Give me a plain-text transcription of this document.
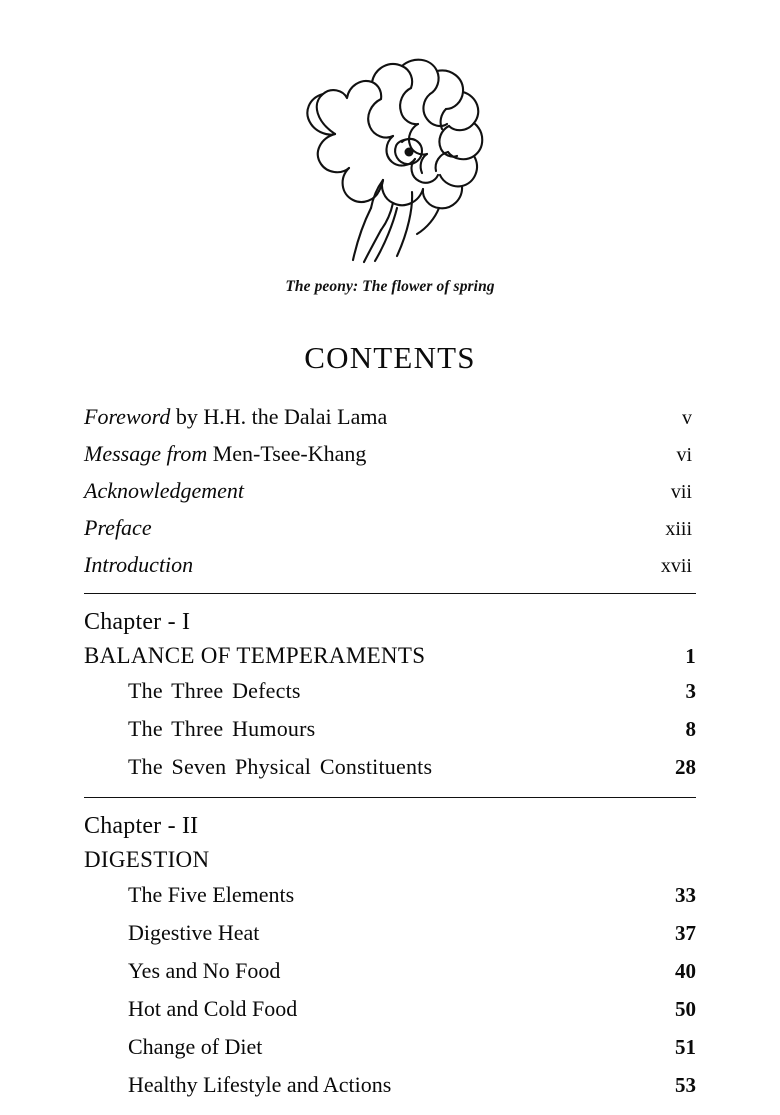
The peony: The flower of spring
CONTENTS
Foreword by H.H. the Dalai Lama	v
Message from Men-Tsee-Khang	vi
Acknowledgement	vii
Preface	xiii
Introduction	xvii
Chapter - I
BALANCE OF TEMPERAMENTS	1
The Three Defects	3
The Three Humours	8
The Seven Physical Constituents	28
Chapter - II
DIGESTION
The Five Elements	33
Digestive Heat	37
Yes and No Food	40
Hot and Cold Food	50
Change of Diet	51
Healthy Lifestyle and Actions	53
